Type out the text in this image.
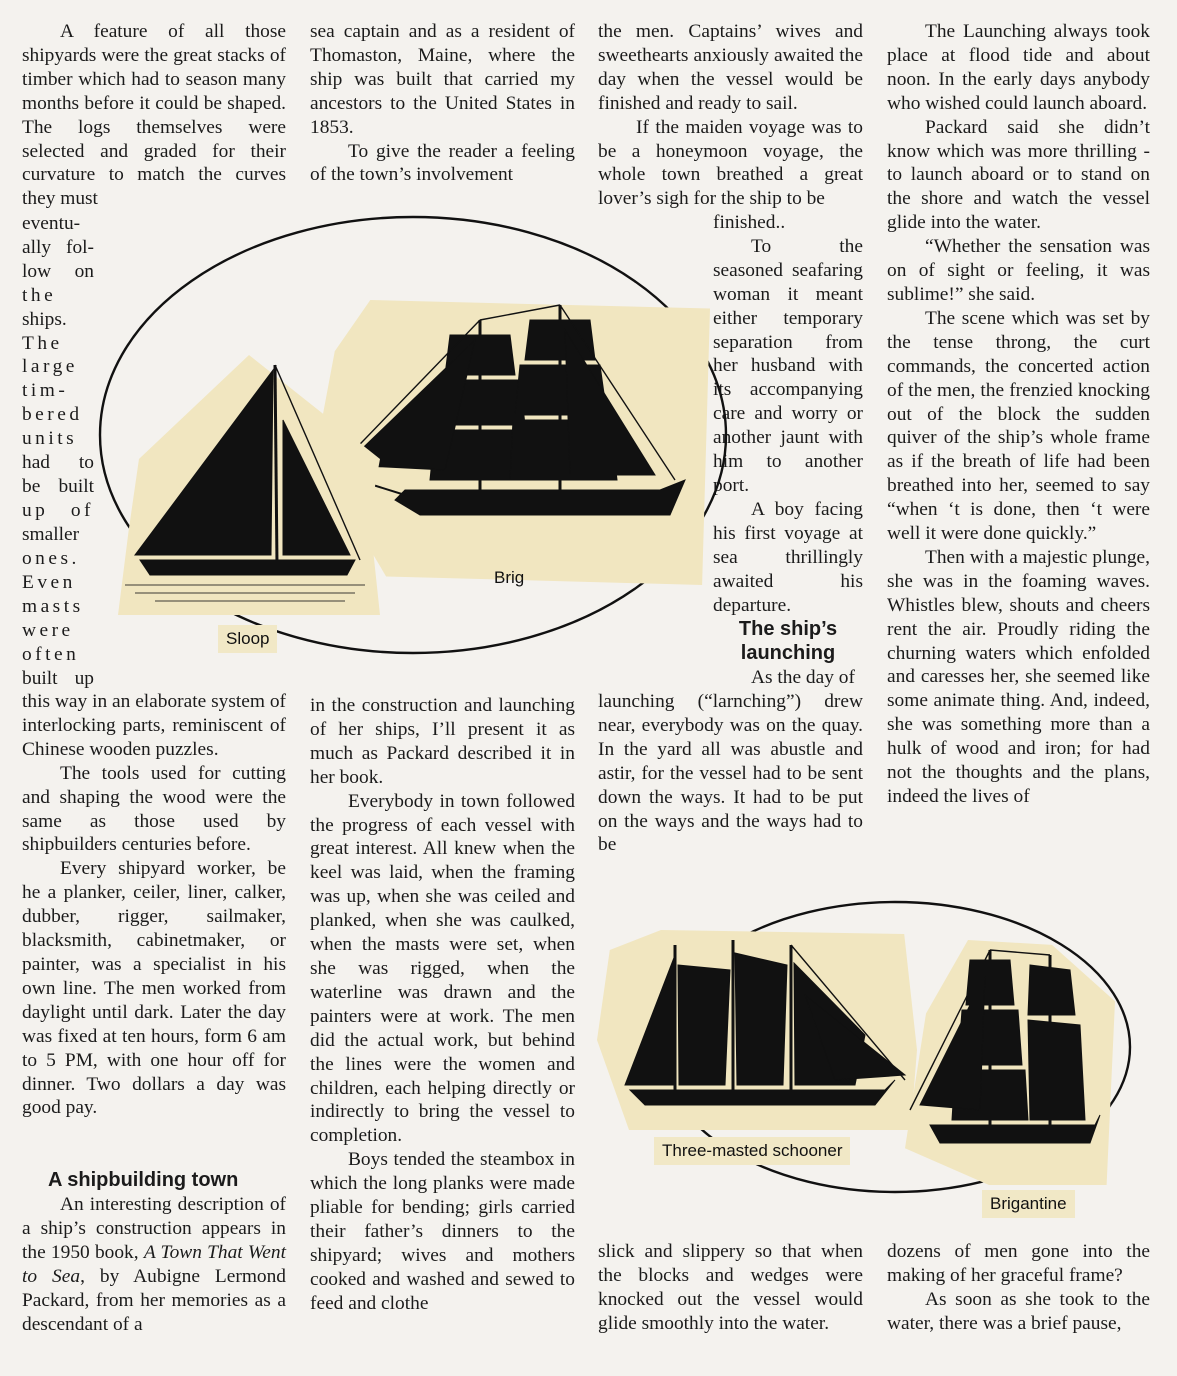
A feature of all those shipyards were the great stacks of timber which had to season many months before it could be shaped. The logs themselves were selected and graded for their curvature to match the curves they must

eventu-
ally fol-
low on
the
ships.
The
large
tim-
bered
units
had to
be built
up of
smaller
ones.
Even
masts
were
often
built up

this way in an elaborate system of interlocking parts, reminiscent of Chinese wooden puzzles.

The tools used for cutting and shaping the wood were the same as those used by shipbuilders centuries before.

Every shipyard worker, be he a planker, ceiler, liner, calker, dubber, rigger, sailmaker, blacksmith, cabinetmaker, or painter, was a specialist in his own line. The men worked from daylight until dark. Later the day was fixed at ten hours, form 6 am to 5 PM, with one hour off for dinner. Two dollars a day was good pay.

A shipbuilding town

An interesting description of a ship’s construction appears in the 1950 book, A Town That Went to Sea, by Aubigne Lermond Packard, from her memories as a descendant of a

sea captain and as a resident of Thomaston, Maine, where the ship was built that carried my ancestors to the United States in 1853.

To give the reader a feeling of the town’s involvement

in the construction and launching of her ships, I’ll present it as much as Packard described it in her book.

Everybody in town followed the progress of each vessel with great interest. All knew when the keel was laid, when the framing was up, when she was ceiled and planked, when she was caulked, when the masts were set, when she was rigged, when the waterline was drawn and the painters were at work. The men did the actual work, but behind the lines were the women and children, each helping directly or indirectly to bring the vessel to completion.

Boys tended the steambox in which the long planks were made pliable for bending; girls carried their father’s dinners to the shipyard; wives and mothers cooked and washed and sewed to feed and clothe

the men. Captains’ wives and sweethearts anxiously awaited the day when the vessel would be finished and ready to sail.

If the maiden voyage was to be a honeymoon voyage, the whole town breathed a great lover’s sigh for the ship to be

finished..

To the seasoned seafaring woman it meant either temporary separation from her husband with its accompanying care and worry or another jaunt with him to another port.

A boy facing his first voyage at sea thrillingly awaited his departure.

The ship’s launching

As the day of

launching (“larnching”) drew near, everybody was on the quay. In the yard all was abustle and astir, for the vessel had to be sent down the ways. It had to be put on the ways and the ways had to be

slick and slippery so that when the blocks and wedges were knocked out the vessel would glide smoothly into the water.

The Launching always took place at flood tide and about noon. In the early days anybody who wished could launch aboard.

Packard said she didn’t know which was more thrilling - to launch aboard or to stand on the shore and watch the vessel glide into the water.

“Whether the sensation was on of sight or feeling, it was sublime!” she said.

The scene which was set by the tense throng, the curt commands, the concerted action of the men, the frenzied knocking out of the block the sudden quiver of the ship’s whole frame as if the breath of life had been breathed into her, seemed to say “when ‘t is done, then ‘t were well it were done quickly.”

Then with a majestic plunge, she was in the foaming waves. Whistles blew, shouts and cheers rent the air. Proudly riding the churning waters which enfolded and caresses her, she seemed like some animate thing. And, indeed, she was something more than a hulk of wood and iron; for had not the thoughts and the plans, indeed the lives of

dozens of men gone into the making of her graceful frame?

As soon as she took to the water, there was a brief pause,

Brig
Sloop
Three-masted schooner
Brigantine
